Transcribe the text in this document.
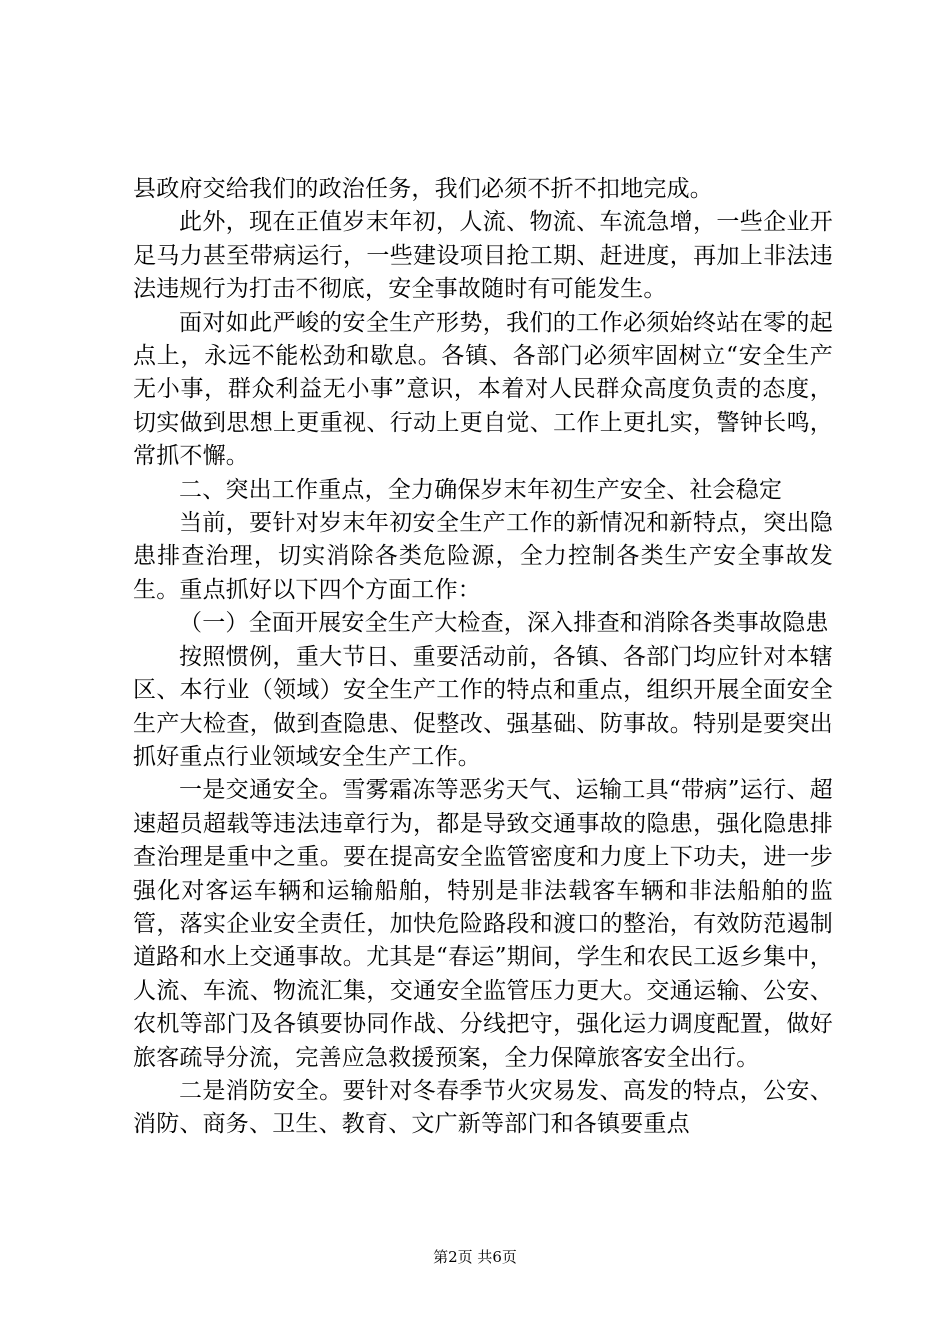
县政府交给我们的政治任务，我们必须不折不扣地完成。

此外，现在正值岁末年初，人流、物流、车流急增，一些企业开足马力甚至带病运行，一些建设项目抢工期、赶进度，再加上非法违法违规行为打击不彻底，安全事故随时有可能发生。

面对如此严峻的安全生产形势，我们的工作必须始终站在零的起点上，永远不能松劲和歇息。各镇、各部门必须牢固树立“安全生产无小事，群众利益无小事”意识，本着对人民群众高度负责的态度，切实做到思想上更重视、行动上更自觉、工作上更扎实，警钟长鸣，常抓不懈。

二、突出工作重点，全力确保岁末年初生产安全、社会稳定

当前，要针对岁末年初安全生产工作的新情况和新特点，突出隐患排查治理，切实消除各类危险源，全力控制各类生产安全事故发生。重点抓好以下四个方面工作：

（一）全面开展安全生产大检查，深入排查和消除各类事故隐患

按照惯例，重大节日、重要活动前，各镇、各部门均应针对本辖区、本行业（领域）安全生产工作的特点和重点，组织开展全面安全生产大检查，做到查隐患、促整改、强基础、防事故。特别是要突出抓好重点行业领域安全生产工作。

一是交通安全。雪雾霜冻等恶劣天气、运输工具“带病”运行、超速超员超载等违法违章行为，都是导致交通事故的隐患，强化隐患排查治理是重中之重。要在提高安全监管密度和力度上下功夫，进一步强化对客运车辆和运输船舶，特别是非法载客车辆和非法船舶的监管，落实企业安全责任，加快危险路段和渡口的整治，有效防范遏制道路和水上交通事故。尤其是“春运”期间，学生和农民工返乡集中，人流、车流、物流汇集，交通安全监管压力更大。交通运输、公安、农机等部门及各镇要协同作战、分线把守，强化运力调度配置，做好旅客疏导分流，完善应急救援预案，全力保障旅客安全出行。

二是消防安全。要针对冬春季节火灾易发、高发的特点，公安、消防、商务、卫生、教育、文广新等部门和各镇要重点

第2页 共6页
